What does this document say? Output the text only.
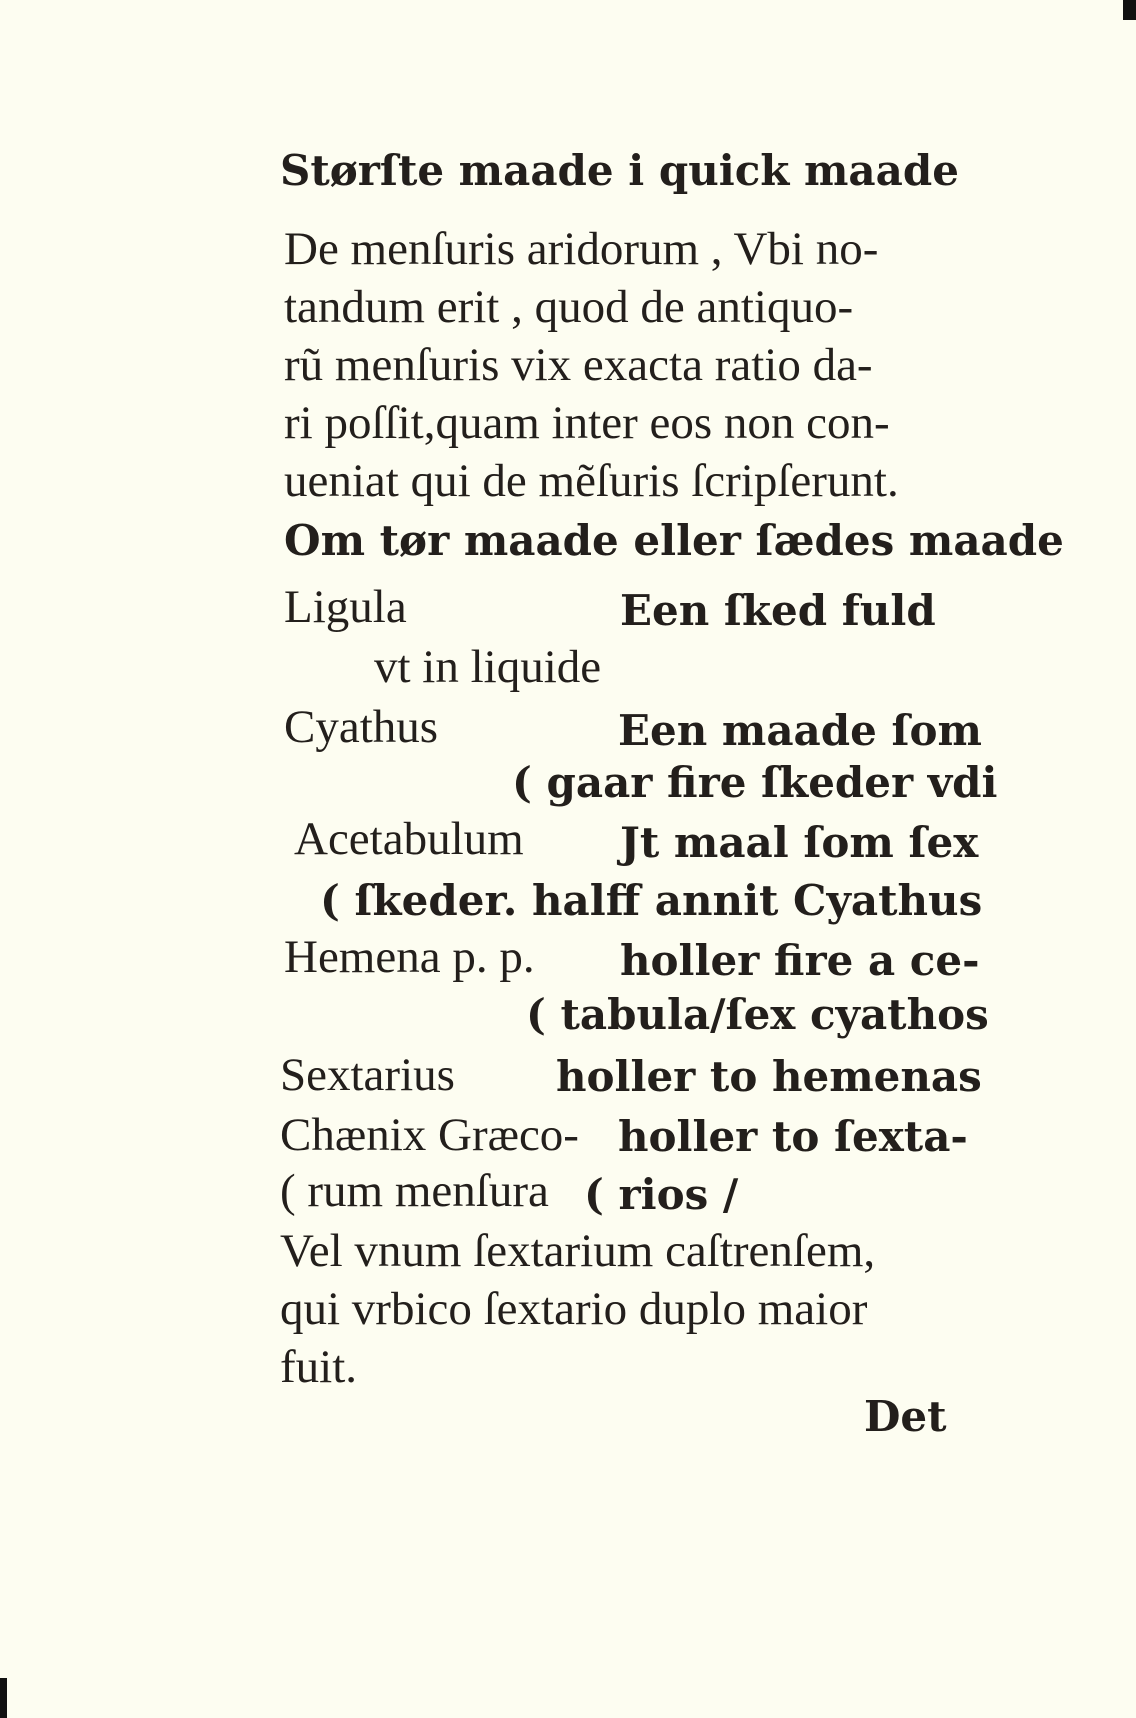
Størſte maade i quick maade
De menſuris aridorum , Vbi no-
tandum erit , quod de antiquo-
rũ menſuris vix exacta ratio da-
ri poſſit,quam inter eos non con-
ueniat qui de mẽſuris ſcripſerunt.
Om tør maade eller ſædes maade
Ligula	Een ſked fuld
vt in liquide
Cyathus	Een maade ſom
( gaar fire ſkeder vdi
Acetabulum Jt maal ſom ſex
( ſkeder. halff annit Cyathus
Hemena p. p. holler fire a ce-
( tabula/ſex cyathos
Sextarius holler to hemenas
Chænix Græco- holler to ſexta-
( rum menſura ( rios /
Vel vnum ſextarium caſtrenſem,
qui vrbico ſextario duplo maior
fuit.
Det
